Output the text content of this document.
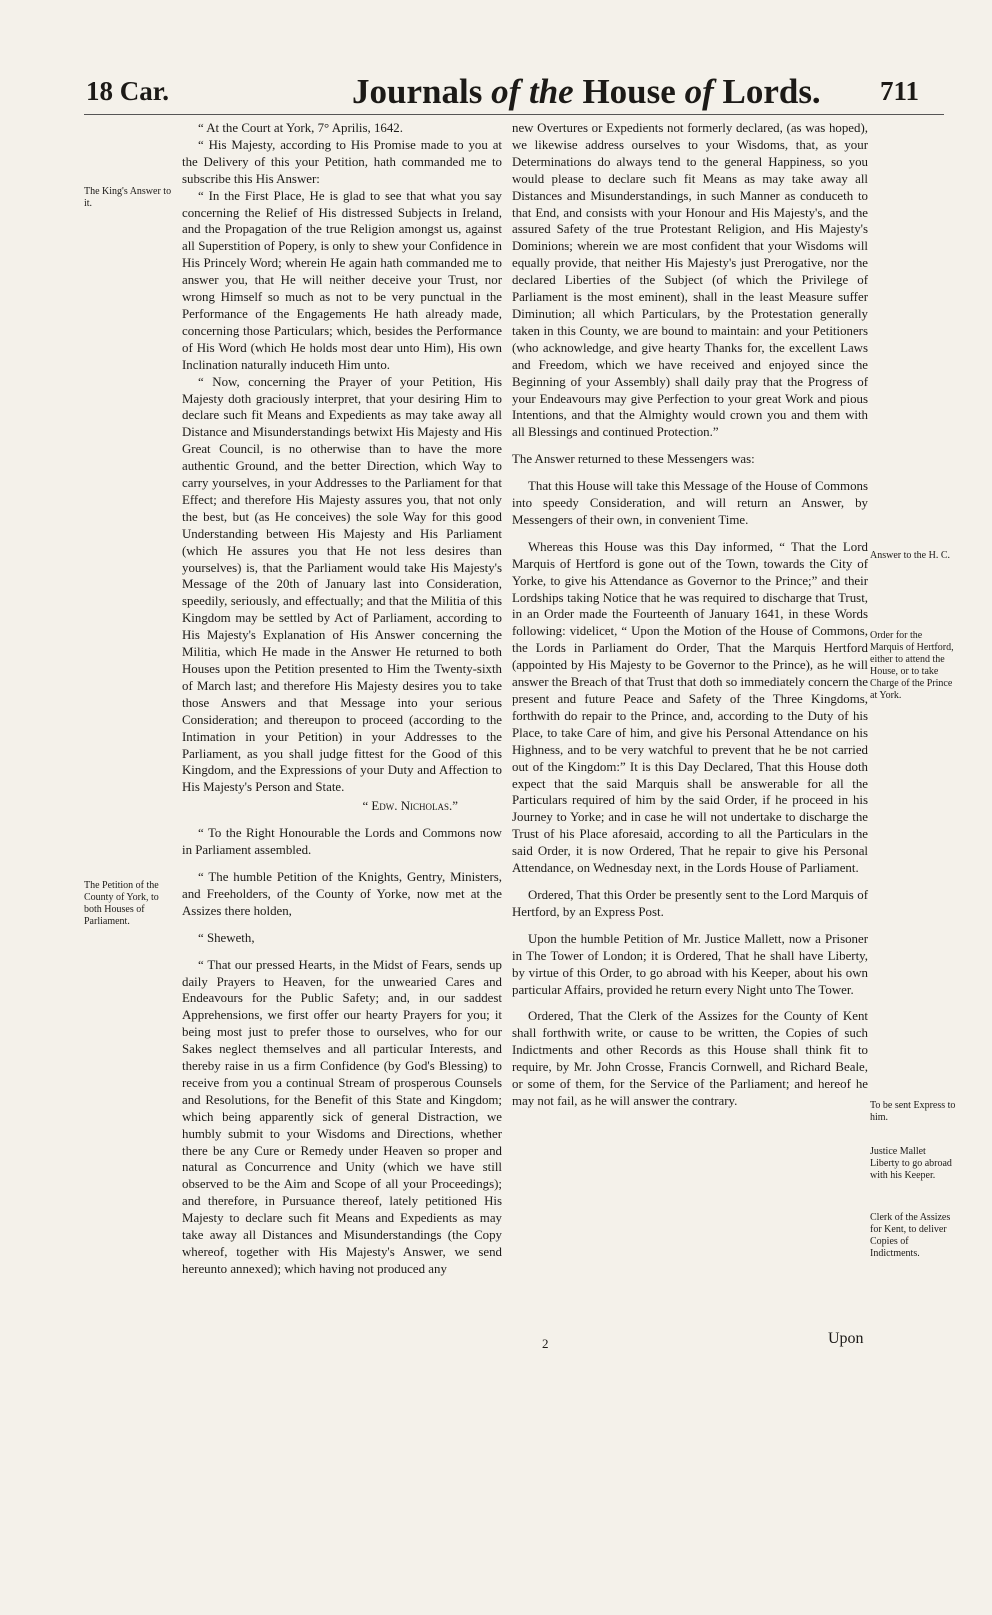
18 Car.	Journals of the House of Lords. 711

“ At the Court at York, 7° Aprilis, 1642.

“ His Majesty, according to His Promise made to you at the Delivery of this your Petition, hath commanded me to subscribe this His Answer:

“ In the First Place, He is glad to see that what you say concerning the Relief of His distressed Subjects in Ireland, and the Propagation of the true Religion amongst us, against all Superstition of Popery, is only to shew your Confidence in His Princely Word; wherein He again hath commanded me to answer you, that He will neither deceive your Trust, nor wrong Himself so much as not to be very punctual in the Performance of the Engagements He hath already made, concerning those Particulars; which, besides the Performance of His Word (which He holds most dear unto Him), His own Inclination naturally induceth Him unto.

“ Now, concerning the Prayer of your Petition, His Majesty doth graciously interpret, that your desiring Him to declare such fit Means and Expedients as may take away all Distance and Misunderstandings betwixt His Majesty and His Great Council, is no otherwise than to have the more authentic Ground, and the better Direction, which Way to carry yourselves, in your Addresses to the Parliament for that Effect; and therefore His Majesty assures you, that not only the best, but (as He conceives) the sole Way for this good Understanding between His Majesty and His Parliament (which He assures you that He not less desires than yourselves) is, that the Parliament would take His Majesty's Message of the 20th of January last into Consideration, speedily, seriously, and effectually; and that the Militia of this Kingdom may be settled by Act of Parliament, according to His Majesty's Explanation of His Answer concerning the Militia, which He made in the Answer He returned to both Houses upon the Petition presented to Him the Twenty-sixth of March last; and therefore His Majesty desires you to take those Answers and that Message into your serious Consideration; and thereupon to proceed (according to the Intimation in your Petition) in your Addresses to the Parliament, as you shall judge fittest for the Good of this Kingdom, and the Expressions of your Duty and Affection to His Majesty's Person and State.

“ Edw. Nicholas.”

“ To the Right Honourable the Lords and Commons now in Parliament assembled.

“ The humble Petition of the Knights, Gentry, Ministers, and Freeholders, of the County of Yorke, now met at the Assizes there holden,

“ Sheweth,

“ That our pressed Hearts, in the Midst of Fears, sends up daily Prayers to Heaven, for the unwearied Cares and Endeavours for the Public Safety; and, in our saddest Apprehensions, we first offer our hearty Prayers for you; it being most just to prefer those to ourselves, who for our Sakes neglect themselves and all particular Interests, and thereby raise in us a firm Confidence (by God's Blessing) to receive from you a continual Stream of prosperous Counsels and Resolutions, for the Benefit of this State and Kingdom; which being apparently sick of general Distraction, we humbly submit to your Wisdoms and Directions, whether there be any Cure or Remedy under Heaven so proper and natural as Concurrence and Unity (which we have still observed to be the Aim and Scope of all your Proceedings); and therefore, in Pursuance thereof, lately petitioned His Majesty to declare such fit Means and Expedients as may take away all Distances and Misunderstandings (the Copy whereof, together with His Majesty's Answer, we send hereunto annexed); which having not produced any

new Overtures or Expedients not formerly declared, (as was hoped), we likewise address ourselves to your Wisdoms, that, as your Determinations do always tend to the general Happiness, so you would please to declare such fit Means as may take away all Distances and Misunderstandings, in such Manner as conduceth to that End, and consists with your Honour and His Majesty's, and the assured Safety of the true Protestant Religion, and His Majesty's Dominions; wherein we are most confident that your Wisdoms will equally provide, that neither His Majesty's just Prerogative, nor the declared Liberties of the Subject (of which the Privilege of Parliament is the most eminent), shall in the least Measure suffer Diminution; all which Particulars, by the Protestation generally taken in this County, we are bound to maintain: and your Petitioners (who acknowledge, and give hearty Thanks for, the excellent Laws and Freedom, which we have received and enjoyed since the Beginning of your Assembly) shall daily pray that the Progress of your Endeavours may give Perfection to your great Work and pious Intentions, and that the Almighty would crown you and them with all Blessings and continued Protection.”

The Answer returned to these Messengers was:

That this House will take this Message of the House of Commons into speedy Consideration, and will return an Answer, by Messengers of their own, in convenient Time.

Whereas this House was this Day informed, “ That the Lord Marquis of Hertford is gone out of the Town, towards the City of Yorke, to give his Attendance as Governor to the Prince;” and their Lordships taking Notice that he was required to discharge that Trust, in an Order made the Fourteenth of January 1641, in these Words following: videlicet, “ Upon the Motion of the House of Commons, the Lords in Parliament do Order, That the Marquis Hertford (appointed by His Majesty to be Governor to the Prince), as he will answer the Breach of that Trust that doth so immediately concern the present and future Peace and Safety of the Three Kingdoms, forthwith do repair to the Prince, and, according to the Duty of his Place, to take Care of him, and give his Personal Attendance on his Highness, and to be very watchful to prevent that he be not carried out of the Kingdom:” It is this Day Declared, That this House doth expect that the said Marquis shall be answerable for all the Particulars required of him by the said Order, if he proceed in his Journey to Yorke; and in case he will not undertake to discharge the Trust of his Place aforesaid, according to all the Particulars in the said Order, it is now Ordered, That he repair to give his Personal Attendance, on Wednesday next, in the Lords House of Parliament.

Ordered, That this Order be presently sent to the Lord Marquis of Hertford, by an Express Post.

Upon the humble Petition of Mr. Justice Mallett, now a Prisoner in The Tower of London; it is Ordered, That he shall have Liberty, by virtue of this Order, to go abroad with his Keeper, about his own particular Affairs, provided he return every Night unto The Tower.

Ordered, That the Clerk of the Assizes for the County of Kent shall forthwith write, or cause to be written, the Copies of such Indictments and other Records as this House shall think fit to require, by Mr. John Crosse, Francis Cornwell, and Richard Beale, or some of them, for the Service of the Parliament; and hereof he may not fail, as he will answer the contrary.

The King's Answer to it.
The Petition of the County of York, to both Houses of Parliament.
Answer to the H. C.
Order for the Marquis of Hertford, either to attend the House, or to take Charge of the Prince at York.
To be sent Express to him.
Justice Mallet Liberty to go abroad with his Keeper.
Clerk of the Assizes for Kent, to deliver Copies of Indictments.
2	Upon
